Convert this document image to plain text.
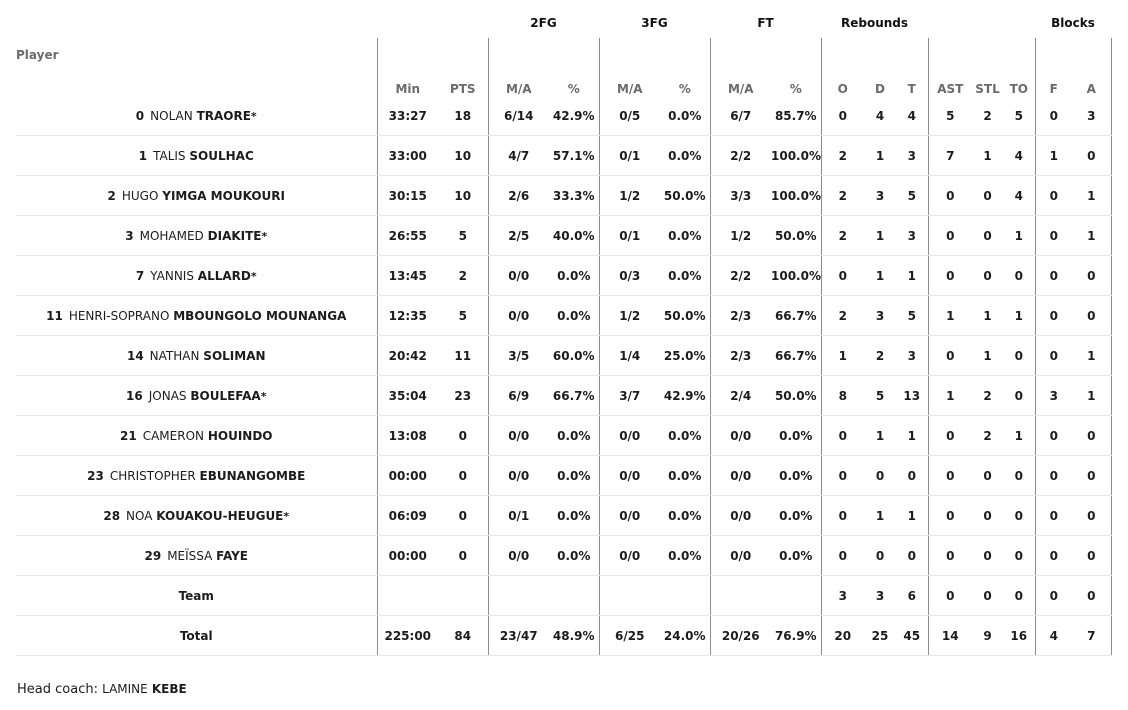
			2FG		3FG		FT		Rebounds						Blocks	
Player	Min	PTS	M/A	%	M/A	%	M/A	%	O	D	T	AST	STL	TO	F	A
0 NOLAN TRAORE*	33:27	18	6/14	42.9%	0/5	0.0%	6/7	85.7%	0	4	4	5	2	5	0	3
1 TALIS SOULHAC	33:00	10	4/7	57.1%	0/1	0.0%	2/2	100.0%	2	1	3	7	1	4	1	0
2 HUGO YIMGA MOUKOURI	30:15	10	2/6	33.3%	1/2	50.0%	3/3	100.0%	2	3	5	0	0	4	0	1
3 MOHAMED DIAKITE*	26:55	5	2/5	40.0%	0/1	0.0%	1/2	50.0%	2	1	3	0	0	1	0	1
7 YANNIS ALLARD*	13:45	2	0/0	0.0%	0/3	0.0%	2/2	100.0%	0	1	1	0	0	0	0	0
11 HENRI-SOPRANO MBOUNGOLO MOUNANGA	12:35	5	0/0	0.0%	1/2	50.0%	2/3	66.7%	2	3	5	1	1	1	0	0
14 NATHAN SOLIMAN	20:42	11	3/5	60.0%	1/4	25.0%	2/3	66.7%	1	2	3	0	1	0	0	1
16 JONAS BOULEFAA*	35:04	23	6/9	66.7%	3/7	42.9%	2/4	50.0%	8	5	13	1	2	0	3	1
21 CAMERON HOUINDO	13:08	0	0/0	0.0%	0/0	0.0%	0/0	0.0%	0	1	1	0	2	1	0	0
23 CHRISTOPHER EBUNANGOMBE	00:00	0	0/0	0.0%	0/0	0.0%	0/0	0.0%	0	0	0	0	0	0	0	0
28 NOA KOUAKOU-HEUGUE*	06:09	0	0/1	0.0%	0/0	0.0%	0/0	0.0%	0	1	1	0	0	0	0	0
29 MEÏSSA FAYE	00:00	0	0/0	0.0%	0/0	0.0%	0/0	0.0%	0	0	0	0	0	0	0	0
Team									3	3	6	0	0	0	0	0
Total	225:00	84	23/47	48.9%	6/25	24.0%	20/26	76.9%	20	25	45	14	9	16	4	7
Head coach: LAMINE KEBE
